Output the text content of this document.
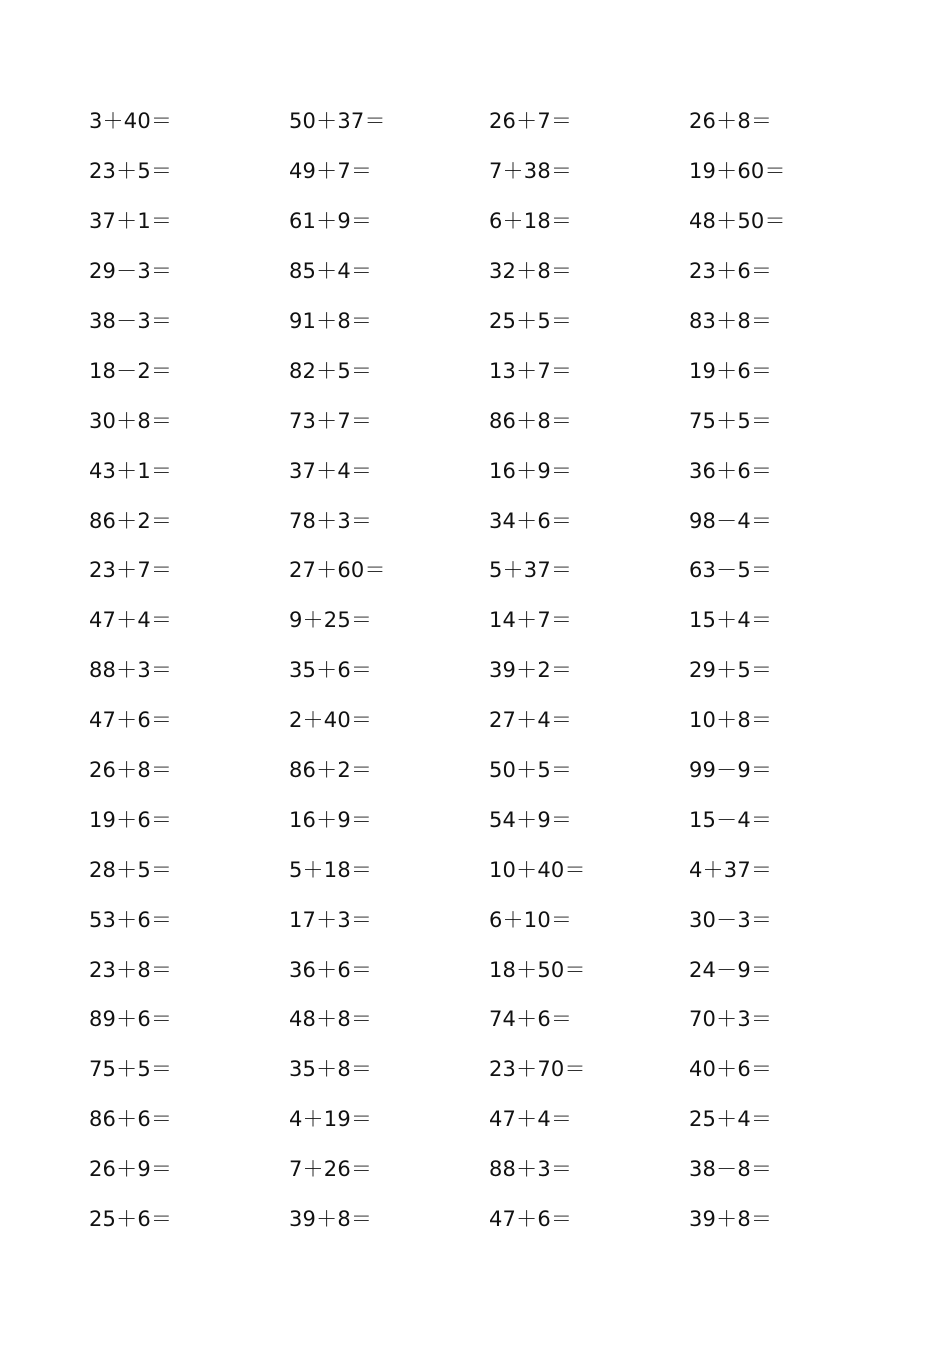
3＋40＝	50＋37＝	26＋7＝	26＋8＝
23＋5＝	49＋7＝	7＋38＝	19＋60＝
37＋1＝	61＋9＝	6＋18＝	48＋50＝
29－3＝	85＋4＝	32＋8＝	23＋6＝
38－3＝	91＋8＝	25＋5＝	83＋8＝
18－2＝	82＋5＝	13＋7＝	19＋6＝
30＋8＝	73＋7＝	86＋8＝	75＋5＝
43＋1＝	37＋4＝	16＋9＝	36＋6＝
86＋2＝	78＋3＝	34＋6＝	98－4＝
23＋7＝	27＋60＝	5＋37＝	63－5＝
47＋4＝	9＋25＝	14＋7＝	15＋4＝
88＋3＝	35＋6＝	39＋2＝	29＋5＝
47＋6＝	2＋40＝	27＋4＝	10＋8＝
26＋8＝	86＋2＝	50＋5＝	99－9＝
19＋6＝	16＋9＝	54＋9＝	15－4＝
28＋5＝	5＋18＝	10＋40＝	4＋37＝
53＋6＝	17＋3＝	6＋10＝	30－3＝
23＋8＝	36＋6＝	18＋50＝	24－9＝
89＋6＝	48＋8＝	74＋6＝	70＋3＝
75＋5＝	35＋8＝	23＋70＝	40＋6＝
86＋6＝	4＋19＝	47＋4＝	25＋4＝
26＋9＝	7＋26＝	88＋3＝	38－8＝
25＋6＝	39＋8＝	47＋6＝	39＋8＝
